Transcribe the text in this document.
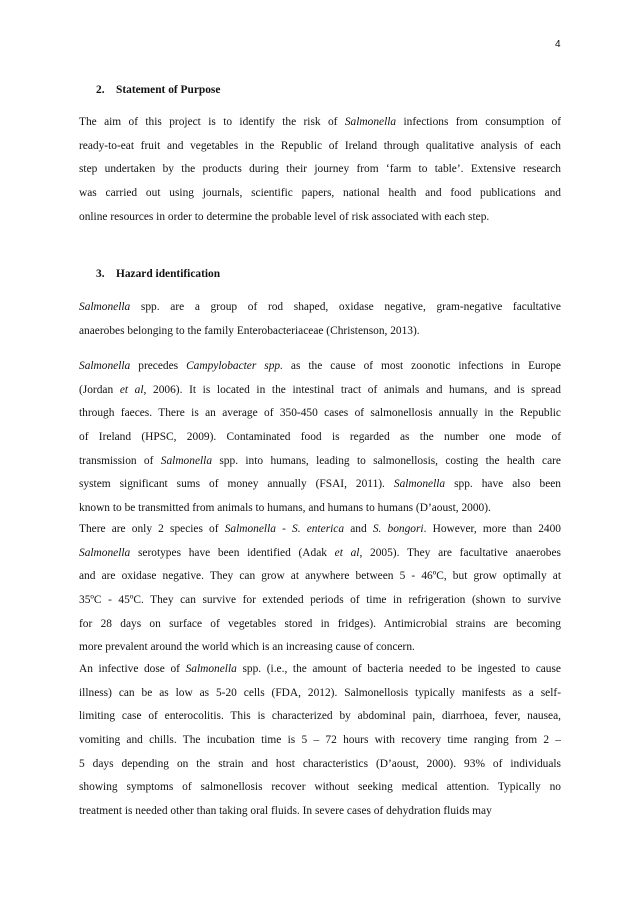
4
2. Statement of Purpose

The aim of this project is to identify the risk of Salmonella infections from consumption of
ready-to-eat fruit and vegetables in the Republic of Ireland through qualitative analysis of each
step undertaken by the products during their journey from ‘farm to table’. Extensive research
was carried out using journals, scientific papers, national health and food publications and
online resources in order to determine the probable level of risk associated with each step.

3. Hazard identification

Salmonella spp. are a group of rod shaped, oxidase negative, gram-negative facultative
anaerobes belonging to the family Enterobacteriaceae (Christenson, 2013).

Salmonella precedes Campylobacter spp. as the cause of most zoonotic infections in Europe
(Jordan et al, 2006). It is located in the intestinal tract of animals and humans, and is spread
through faeces. There is an average of 350-450 cases of salmonellosis annually in the Republic
of Ireland (HPSC, 2009). Contaminated food is regarded as the number one mode of
transmission of Salmonella spp. into humans, leading to salmonellosis, costing the health care
system significant sums of money annually (FSAI, 2011). Salmonella spp. have also been
known to be transmitted from animals to humans, and humans to humans (D’aoust, 2000).

There are only 2 species of Salmonella - S. enterica and S. bongori. However, more than 2400
Salmonella serotypes have been identified (Adak et al, 2005). They are facultative anaerobes
and are oxidase negative. They can grow at anywhere between 5 - 46ºC, but grow optimally at
35ºC - 45ºC. They can survive for extended periods of time in refrigeration (shown to survive
for 28 days on surface of vegetables stored in fridges). Antimicrobial strains are becoming
more prevalent around the world which is an increasing cause of concern.

An infective dose of Salmonella spp. (i.e., the amount of bacteria needed to be ingested to cause
illness) can be as low as 5-20 cells (FDA, 2012). Salmonellosis typically manifests as a self-
limiting case of enterocolitis. This is characterized by abdominal pain, diarrhoea, fever, nausea,
vomiting and chills. The incubation time is 5 – 72 hours with recovery time ranging from 2 –
5 days depending on the strain and host characteristics (D’aoust, 2000). 93% of individuals
showing symptoms of salmonellosis recover without seeking medical attention. Typically no
treatment is needed other than taking oral fluids. In severe cases of dehydration fluids may
